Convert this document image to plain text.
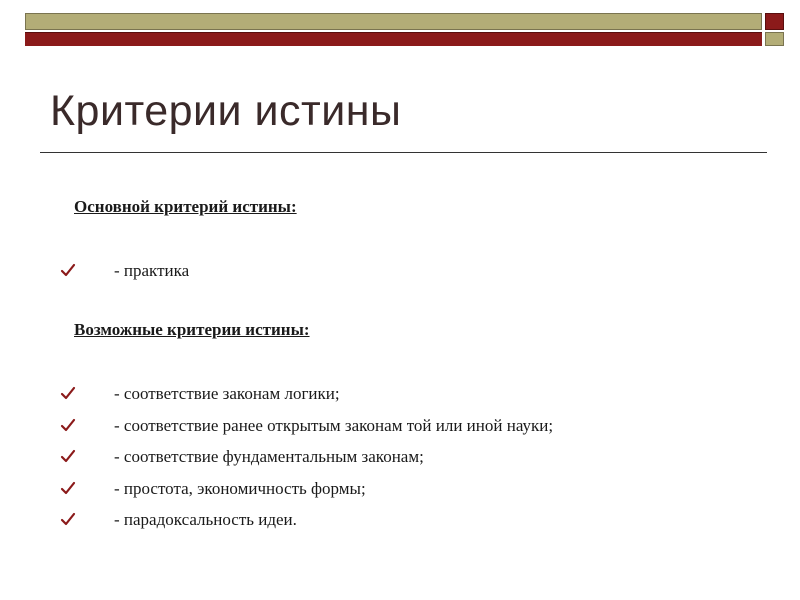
Критерии истины
Основной критерий истины:
- практика
Возможные критерии истины:
- соответствие законам логики;
- соответствие ранее открытым законам той или иной науки;
- соответствие фундаментальным законам;
- простота, экономичность формы;
- парадоксальность идеи.
